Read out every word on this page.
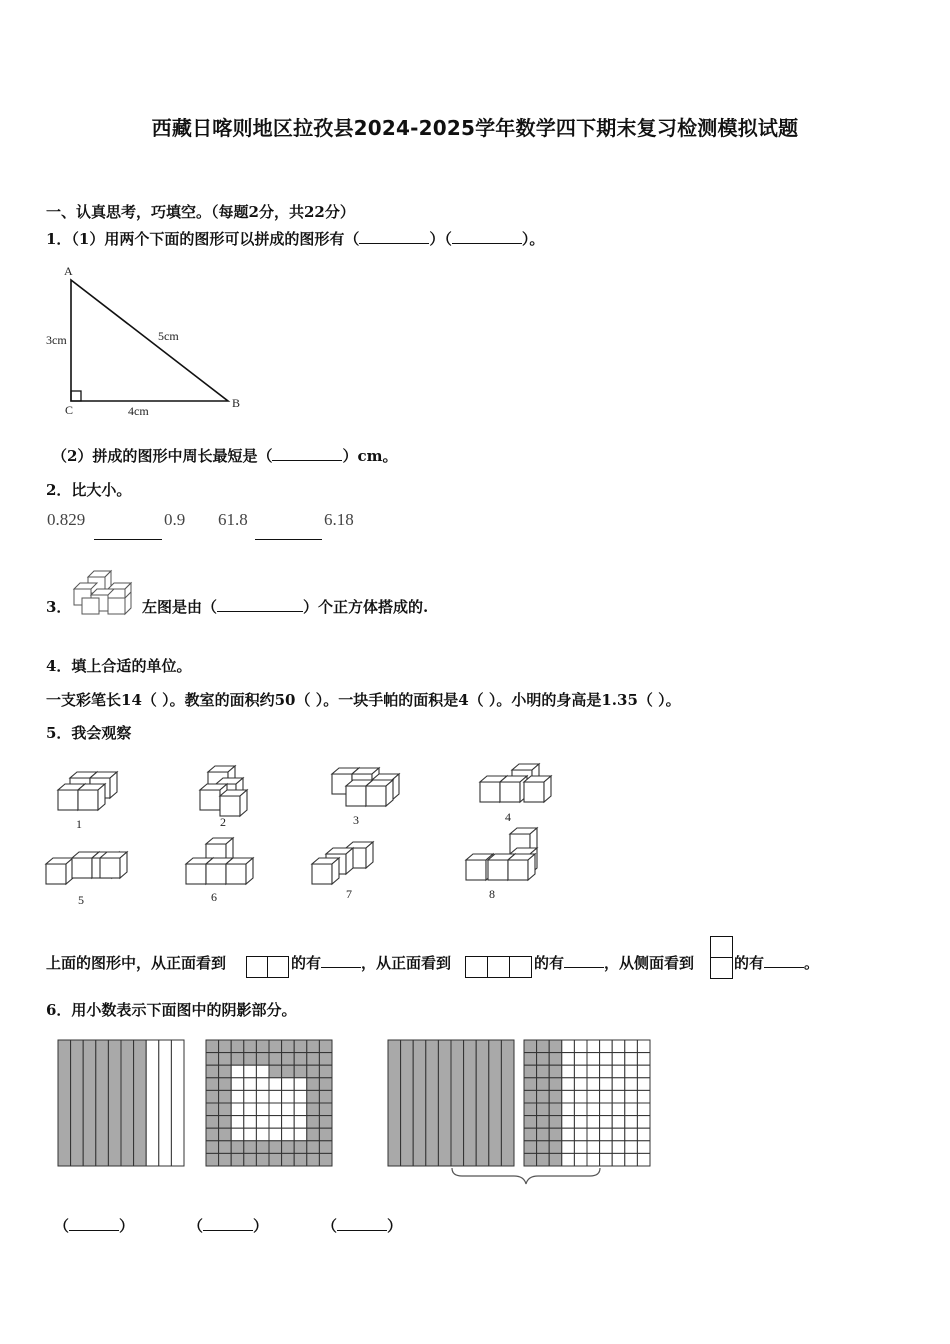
西藏日喀则地区拉孜县2024-2025学年数学四下期末复习检测模拟试题
一、认真思考，巧填空。（每题2分，共22分）
1．（1）用两个下面的图形可以拼成的图形有（	）（	）。
A
B
C
3cm	5cm
4cm
（2）拼成的图形中周长最短是（	）cm。
2．比大小。
0.829	0.9 61.8	6.18
3．	左图是由（	）个正方体搭成的.
4．填上合适的单位。
一支彩笔长14（ ）。教室的面积约50（ ）。一块手帕的面积是4（ ）。小明的身高是1.35（ ）。
5．我会观察
1	2	3	4
5	6	7	8
上面的图形中，从正面看到	的有	，从正面看到	的有	，从侧面看到	的有	。
6．用小数表示下面图中的阴影部分。
（	）	（	）	（	）
